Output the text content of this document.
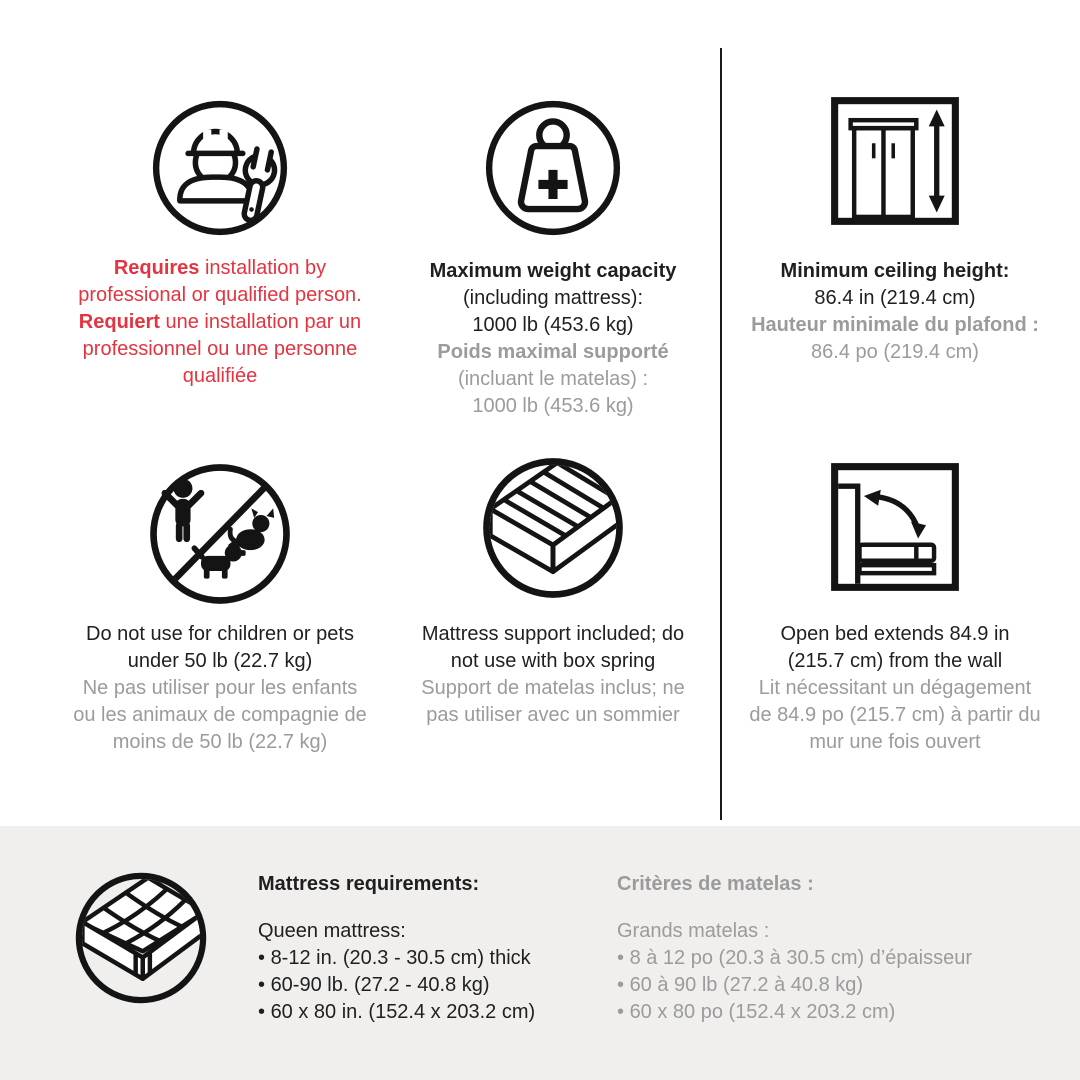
Requires installation by
professional or qualified person.
Requiert une installation par un
professionnel ou une personne
qualifiée
Maximum weight capacity
(including mattress):
1000 lb (453.6 kg)
Poids maximal supporté
(incluant le matelas) :
1000 lb (453.6 kg)
Minimum ceiling height:
86.4 in (219.4 cm)
Hauteur minimale du plafond :
86.4 po (219.4 cm)
Do not use for children or pets
under 50 lb (22.7 kg)
Ne pas utiliser pour les enfants
ou les animaux de compagnie de
moins de 50 lb (22.7 kg)
Mattress support included; do
not use with box spring
Support de matelas inclus; ne
pas utiliser avec un sommier
Open bed extends 84.9 in
(215.7 cm) from the wall
Lit nécessitant un dégagement
de 84.9 po (215.7 cm) à partir du
mur une fois ouvert
Mattress requirements:
Queen mattress:
• 8-12 in. (20.3 - 30.5 cm) thick
• 60-90 lb. (27.2 - 40.8 kg)
• 60 x 80 in. (152.4 x 203.2 cm)
Critères de matelas :
Grands matelas :
• 8 à 12 po (20.3 à 30.5 cm) d’épaisseur
• 60 à 90 lb (27.2 à 40.8 kg)
• 60 x 80 po (152.4 x 203.2 cm)
